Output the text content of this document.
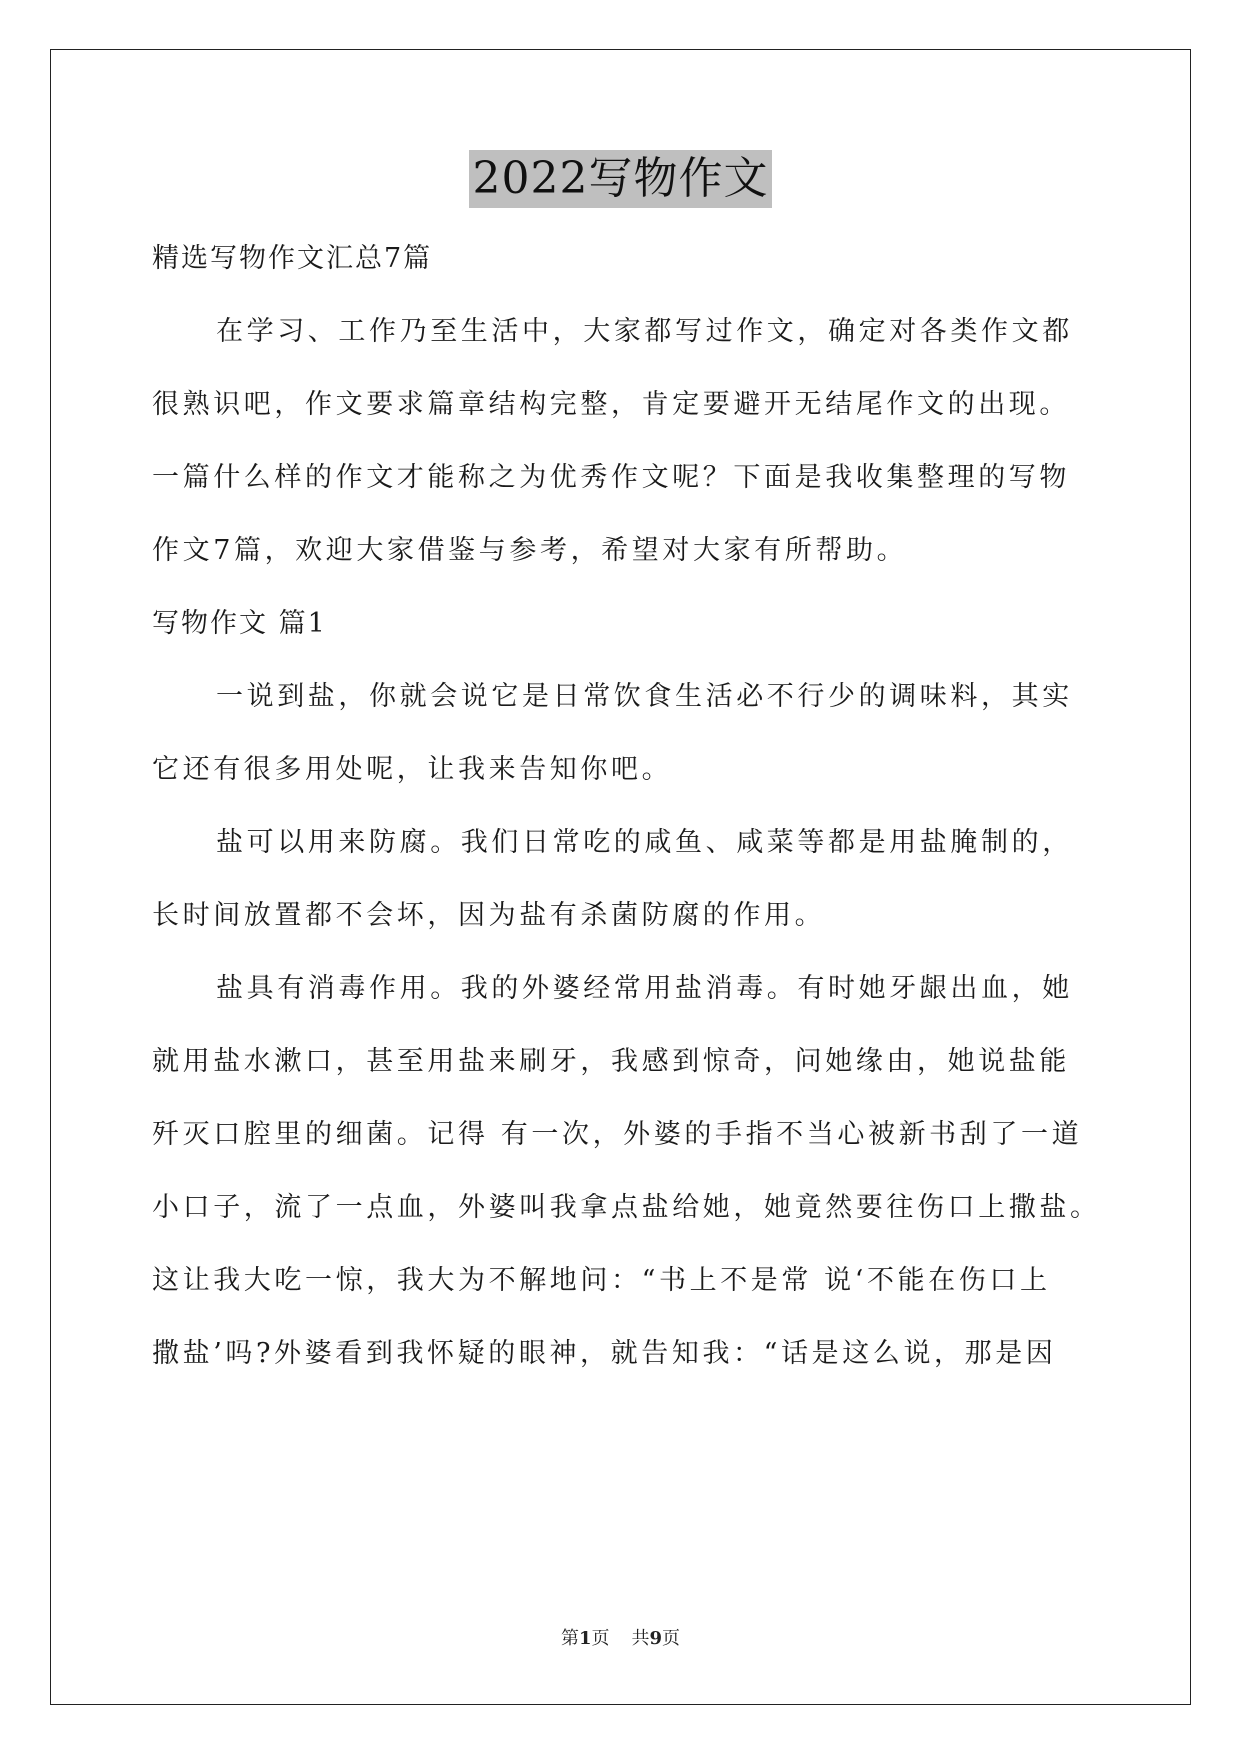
2022写物作文
精选写物作文汇总7篇
在学习、工作乃至生活中，大家都写过作文，确定对各类作文都
很熟识吧，作文要求篇章结构完整，肯定要避开无结尾作文的出现。
一篇什么样的作文才能称之为优秀作文呢？下面是我收集整理的写物
作文7篇，欢迎大家借鉴与参考，希望对大家有所帮助。
写物作文 篇1
一说到盐，你就会说它是日常饮食生活必不行少的调味料，其实
它还有很多用处呢，让我来告知你吧。
盐可以用来防腐。我们日常吃的咸鱼、咸菜等都是用盐腌制的，
长时间放置都不会坏，因为盐有杀菌防腐的作用。
盐具有消毒作用。我的外婆经常用盐消毒。有时她牙龈出血，她
就用盐水漱口，甚至用盐来刷牙，我感到惊奇，问她缘由，她说盐能
歼灭口腔里的细菌。记得 有一次，外婆的手指不当心被新书刮了一道
小口子，流了一点血，外婆叫我拿点盐给她，她竟然要往伤口上撒盐。
这让我大吃一惊，我大为不解地问：“书上不是常 说‘不能在伤口上
撒盐’吗?外婆看到我怀疑的眼神，就告知我：“话是这么说，那是因
第1页 共9页
